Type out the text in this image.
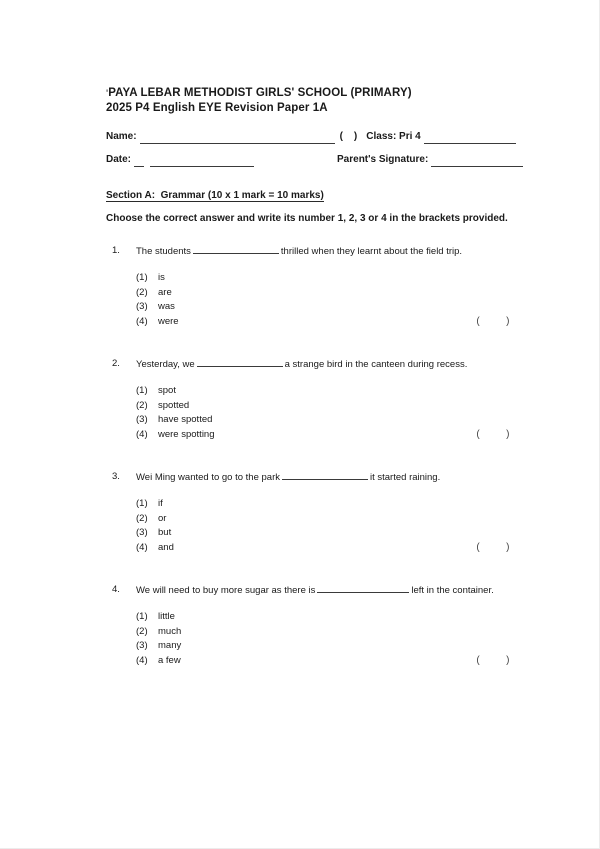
'PAYA LEBAR METHODIST GIRLS' SCHOOL (PRIMARY)
2025 P4 English EYE Revision Paper 1A
Name:	( ) Class: Pri 4
Date:	Parent's Signature:
Section A:  Grammar (10 x 1 mark = 10 marks)
Choose the correct answer and write its number 1, 2, 3 or 4 in the brackets provided.
1.	The students	thrilled when they learnt about the field trip.
(1)	is
(2)	are
(3)	was
(4)	were	(	)
2.	Yesterday, we	a strange bird in the canteen during recess.
(1)	spot
(2)	spotted
(3)	have spotted
(4)	were spotting	(	)
3.	Wei Ming wanted to go to the park	it started raining.
(1)	if
(2)	or
(3)	but
(4)	and	(	)
4.	We will need to buy more sugar as there is	left in the container.
(1)	little
(2)	much
(3)	many
(4)	a few	(	)
